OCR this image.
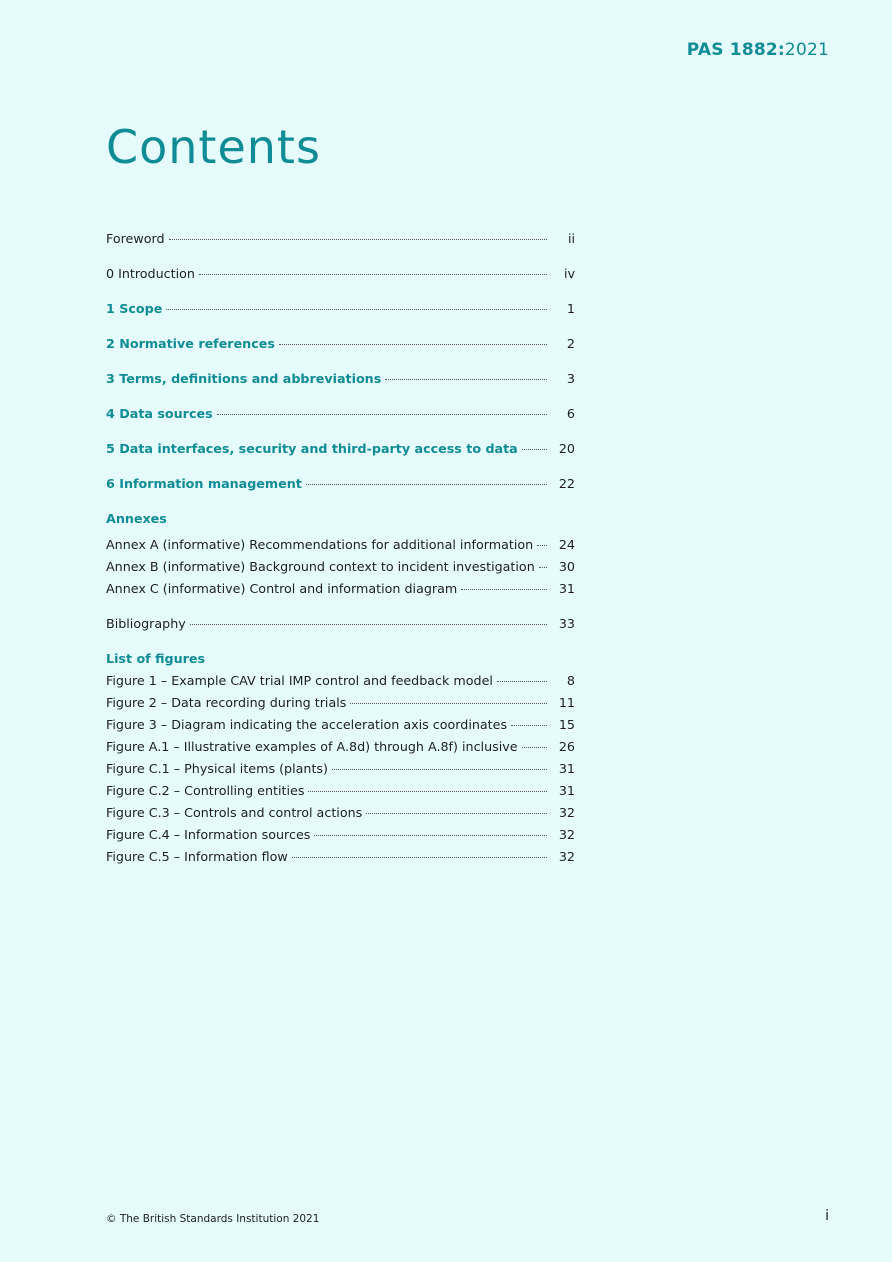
PAS 1882:2021
Contents
Foreword	ii
0 Introduction	iv
1 Scope	1
2 Normative references	2
3 Terms, definitions and abbreviations	3
4 Data sources	6
5 Data interfaces, security and third-party access to data	20
6 Information management	22
Annexes
Annex A (informative) Recommendations for additional information	24
Annex B (informative) Background context to incident investigation	30
Annex C (informative) Control and information diagram	31
Bibliography	33
List of figures
Figure 1 – Example CAV trial IMP control and feedback model	8
Figure 2 – Data recording during trials	11
Figure 3 – Diagram indicating the acceleration axis coordinates	15
Figure A.1 – Illustrative examples of A.8d) through A.8f) inclusive	26
Figure C.1 – Physical items (plants)	31
Figure C.2 – Controlling entities	31
Figure C.3 – Controls and control actions	32
Figure C.4 – Information sources	32
Figure C.5 – Information flow	32
© The British Standards Institution 2021	i
